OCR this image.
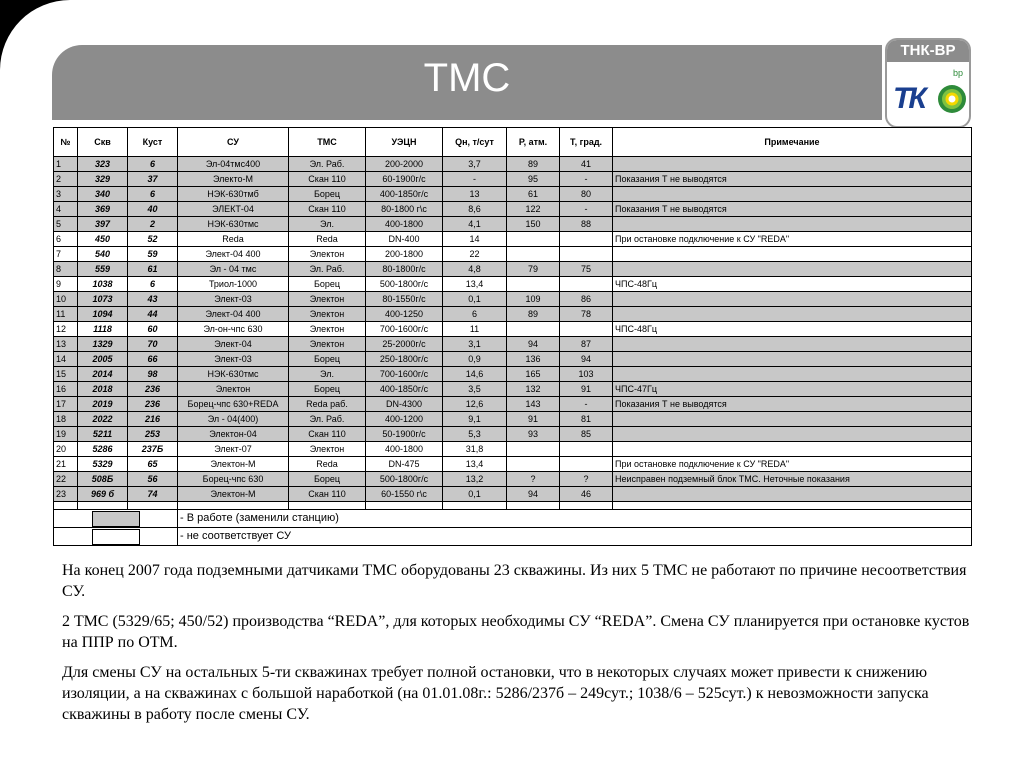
ТМС
ТНК-ВР
bp
ТК
№	Скв	Куст	СУ	ТМС	УЭЦН	Qн, т/сут	Р, атм.	Т, град.	Примечание
1	323	6	Эл-04тмс400	Эл. Раб.	200-2000	3,7	89	41	
2	329	37	Электо-М	Скан 110	60-1900г/с	-	95	-	Показания Т не выводятся
3	340	6	НЭК-630тмб	Борец	400-1850г/с	13	61	80	
4	369	40	ЭЛЕКТ-04	Скан 110	80-1800 г\с	8,6	122	-	Показания Т не выводятся
5	397	2	НЭК-630тмс	Эл.	400-1800	4,1	150	88	
6	450	52	Reda	Reda	DN-400	14			При остановке подключение к СУ "REDA"
7	540	59	Элект-04 400	Электон	200-1800	22			
8	559	61	Эл - 04 тмс	Эл. Раб.	80-1800г/с	4,8	79	75	
9	1038	6	Триол-1000	Борец	500-1800г/с	13,4			ЧПС-48Гц
10	1073	43	Элект-03	Электон	80-1550г/с	0,1	109	86	
11	1094	44	Элект-04 400	Электон	400-1250	6	89	78	
12	1118	60	Эл-он-чпс 630	Электон	700-1600г/с	11			ЧПС-48Гц
13	1329	70	Элект-04	Электон	25-2000г/с	3,1	94	87	
14	2005	66	Элект-03	Борец	250-1800г/с	0,9	136	94	
15	2014	98	НЭК-630тмс	Эл.	700-1600г/с	14,6	165	103	
16	2018	236	Электон	Борец	400-1850г/с	3,5	132	91	ЧПС-47Гц
17	2019	236	Борец-чпс 630+REDA	Reda раб.	DN-4300	12,6	143	-	Показания Т не выводятся
18	2022	216	Эл - 04(400)	Эл. Раб.	400-1200	9,1	91	81	
19	5211	253	Электон-04	Скан 110	50-1900г/с	5,3	93	85	
20	5286	237Б	Элект-07	Электон	400-1800	31,8			
21	5329	65	Электон-М	Reda	DN-475	13,4			При остановке подключение к СУ "REDA"
22	508Б	56	Борец-чпс 630	Борец	500-1800г/с	13,2	?	?	Неисправен подземный блок ТМС. Неточные показания
23	969 б	74	Электон-М	Скан 110	60-1550 г\с	0,1	94	46	

			- В работе (заменили станцию)						

			- не соответствует СУ						

На конец 2007 года подземными датчиками ТМС оборудованы 23 скважины. Из них 5 ТМС не работают по причине несоответствия СУ.

2 ТМС (5329/65; 450/52) производства “REDA”, для которых необходимы СУ “REDA”. Смена СУ планируется при остановке кустов на ППР по ОТМ.

Для смены СУ на остальных 5-ти скважинах требует полной остановки, что в некоторых случаях может привести к снижению изоляции, а на скважинах с большой наработкой (на 01.01.08г.: 5286/237б – 249сут.; 1038/6 – 525сут.) к невозможности запуска скважины в работу после смены СУ.
